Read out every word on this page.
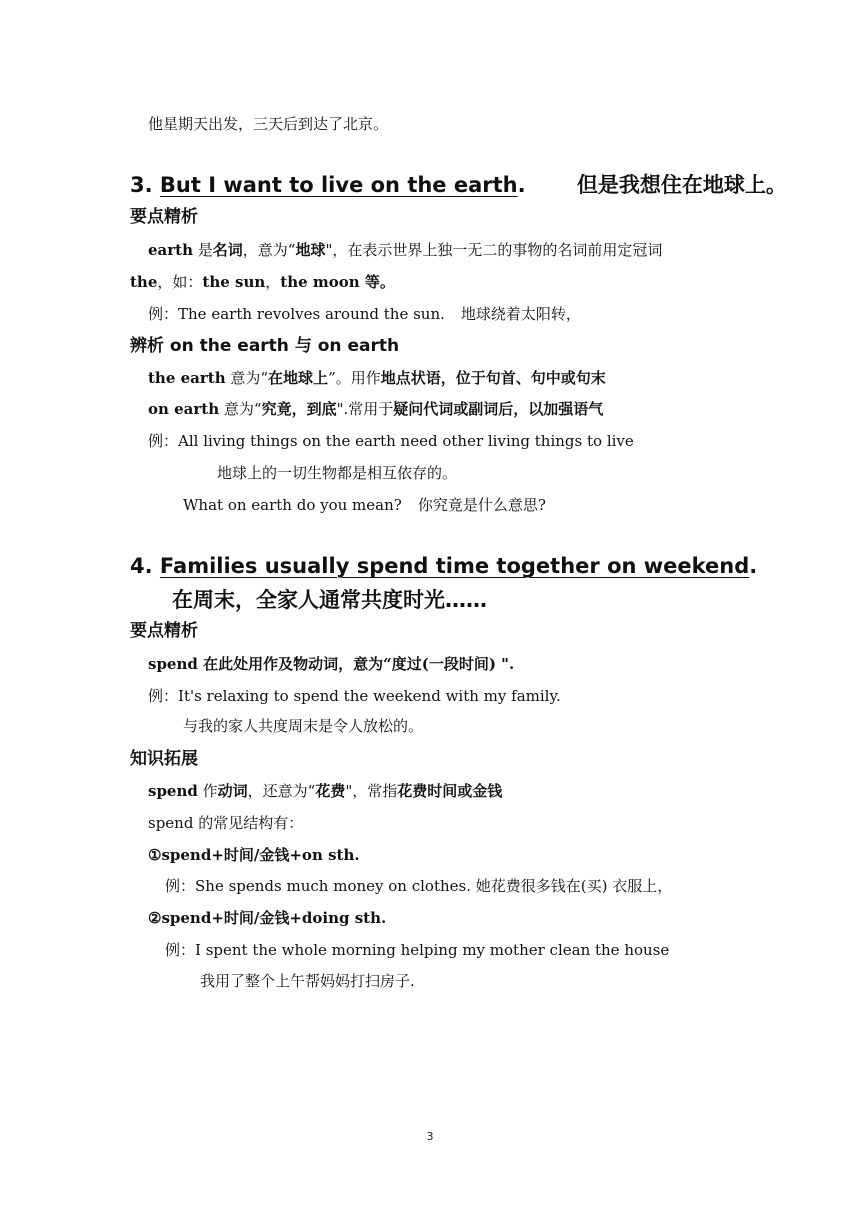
他星期天出发，三天后到达了北京。
3. But I want to live on the earth. 但是我想住在地球上。
要点精析
earth 是名词，意为“地球"，在表示世界上独一无二的事物的名词前用定冠词
the，如：the sun，the moon 等。
例：The earth revolves around the sun. 地球绕着太阳转，
辨析 on the earth 与 on earth
the earth 意为“在地球上”。用作地点状语，位于句首、句中或句末
on earth 意为“究竟，到底".常用于疑问代词或副词后，以加强语气
例：All living things on the earth need other living things to live
地球上的一切生物都是相互依存的。
What on earth do you mean? 你究竟是什么意思?
4. Families usually spend time together on weekend.
在周末，全家人通常共度时光……
要点精析
spend 在此处用作及物动词，意为“度过(一段时间) ".
例：It's relaxing to spend the weekend with my family.
与我的家人共度周末是令人放松的。
知识拓展
spend 作动词，还意为“花费"，常指花费时间或金钱
spend 的常见结构有：
①spend+时间/金钱+on sth.
例：She spends much money on clothes. 她花费很多钱在(买) 衣服上，
②spend+时间/金钱+doing sth.
例：I spent the whole morning helping my mother clean the house
我用了整个上午帮妈妈打扫房子.
3
